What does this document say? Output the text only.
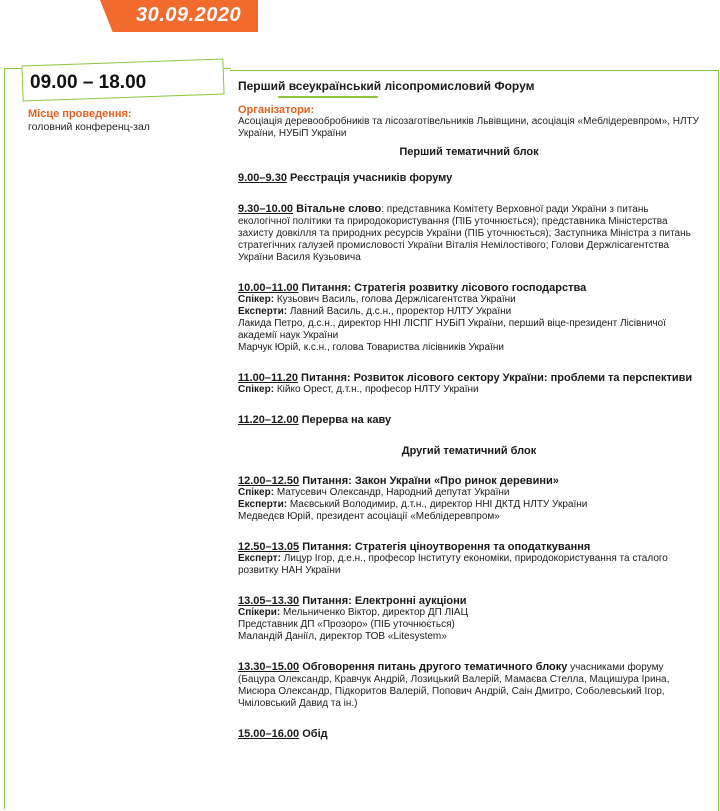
30.09.2020
09.00 – 18.00
Місце проведення:
головний конференц-зал
Перший всеукраїнський лісопромисловий Форум
Організатори:
Асоціація деревообробників та лісозаготівельників Львівщини, асоціація «Меблідеревпром», НЛТУ України, НУБіП України
Перший тематичний блок
9.00–9.30 Реєстрація учасників форуму
9.30–10.00 Вітальне слово: представника Комітету Верховної ради України з питань екологічної політики та природокористування (ПІБ уточнюється); представника Міністерства захисту довкілля та природних ресурсів України (ПІБ уточнюється); Заступника Міністра з питань стратегічних галузей промисловості України Віталія Немілостівого; Голови Держлісагентства України Василя Кузьовича
10.00–11.00 Питання: Стратегія розвитку лісового господарства
Спікер: Кузьович Василь, голова Держлісагентства України
Експерти: Лавний Василь, д.с.н., проректор НЛТУ України
Лакида Петро, д.с.н., директор ННІ ЛІСПГ НУБіП України, перший віце-президент Лісівничої академії наук України
Марчук Юрій, к.с.н., голова Товариства лісівників України
11.00–11.20 Питання: Розвиток лісового сектору України: проблеми та перспективи
Спікер: Кійко Орест, д.т.н., професор НЛТУ України
11.20–12.00 Перерва на каву
Другий тематичний блок
12.00–12.50 Питання: Закон України «Про ринок деревини»
Спікер: Матусевич Олександр, Народний депутат України
Експерти: Маєвський Володимир, д.т.н., директор ННІ ДКТД НЛТУ України
Медведєв Юрій, президент асоціації «Меблідеревпром»
12.50–13.05 Питання: Стратегія ціноутворення та оподаткування
Експерт: Лицур Ігор, д.е.н., професор Інституту економіки, природокористування та сталого розвитку НАН України
13.05–13.30 Питання: Електронні аукціони
Спікери: Мельниченко Віктор, директор ДП ЛІАЦ
Представник ДП «Прозоро» (ПІБ уточнюється)
Маландій Даніїл, директор ТОВ «Litesystem»
13.30–15.00 Обговорення питань другого тематичного блоку учасниками форуму (Бацура Олександр, Кравчук Андрій, Лозицький Валерій, Мамаєва Стелла, Мацишура Ірина, Мисюра Олександр, Підкоритов Валерій, Попович Андрій, Саін Дмитро, Соболевський Ігор, Чміловський Давид та ін.)
15.00–16.00 Обід
